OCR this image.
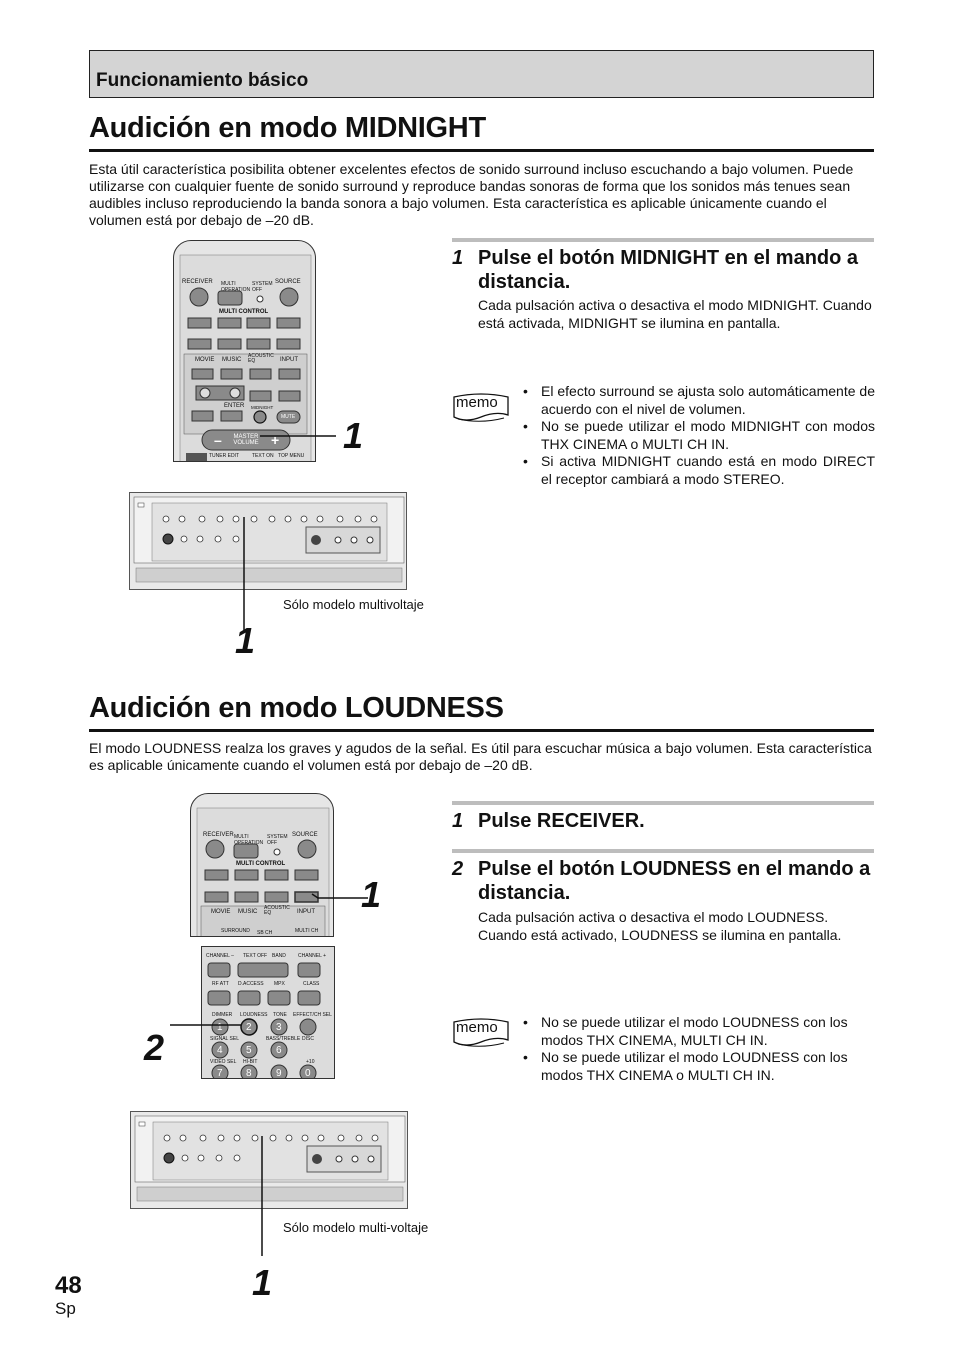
Funcionamiento básico
Audición en modo MIDNIGHT
Esta útil característica posibilita obtener excelentes efectos de sonido surround incluso escuchando a bajo volumen. Puede utilizarse con cualquier fuente de sonido surround y reproduce bandas sonoras de forma que los sonidos más tenues sean audibles incluso reproduciendo la banda sonora a bajo volumen. Esta característica es aplicable únicamente cuando el volumen está por debajo de –20 dB.
–	+
RECEIVER MULTI OPERATION
SYSTEM OFF
SOURCE
MULTI CONTROL
MOVIE MUSIC
ACOUSTIC EQ	INPUT
ENTER MIDNIGHT
MUTE
MASTER VOLUME
TUNER EDIT	TEXT ON TOP MENU 1
1
Sólo modelo multivoltaje
1 Pulse el botón MIDNIGHT en el mando a distancia.
Cada pulsación activa o desactiva el modo MIDNIGHT. Cuando está activada, MIDNIGHT se ilumina en pantalla.
memo
• El efecto surround se ajusta solo automáticamente de acuerdo con el nivel de volumen.
• No se puede utilizar el modo MIDNIGHT con modos THX CINEMA o MULTI CH IN.
• Si activa MIDNIGHT cuando está en modo DIRECT el receptor cambiará a modo STEREO.
Audición en modo LOUDNESS
El modo LOUDNESS realza los graves y agudos de la señal. Es útil para escuchar música a bajo volumen. Esta característica es aplicable únicamente cuando el volumen está por debajo de –20 dB.
RECEIVER MULTI OPERATION
SYSTEM OFF
SOURCE
MULTI CONTROL
MOVIE MUSIC
ACOUSTIC EQ	INPUT
SURROUND SB CH	MULTI CH
1
CHANNEL – TEXT OFF BAND CHANNEL +
RF ATT D.ACCESS MPX	CLASS
DIMMER LOUDNESS TONE EFFECT/CH SEL
SIGNAL SEL	BASS/TREBLE DISC
VIDEO SEL HI-BIT	+10
1 2 3
4 5 6
7 8 9 0
2
1
Sólo modelo multi-voltaje
1 Pulse RECEIVER.
2 Pulse el botón LOUDNESS en el mando a distancia.
Cada pulsación activa o desactiva el modo LOUDNESS. Cuando está activado, LOUDNESS se ilumina en pantalla.
memo
•	No se puede utilizar el modo LOUDNESS con los modos THX CINEMA, MULTI CH IN.
• No se puede utilizar el modo LOUDNESS con los modos THX CINEMA o MULTI CH IN.
48
Sp
